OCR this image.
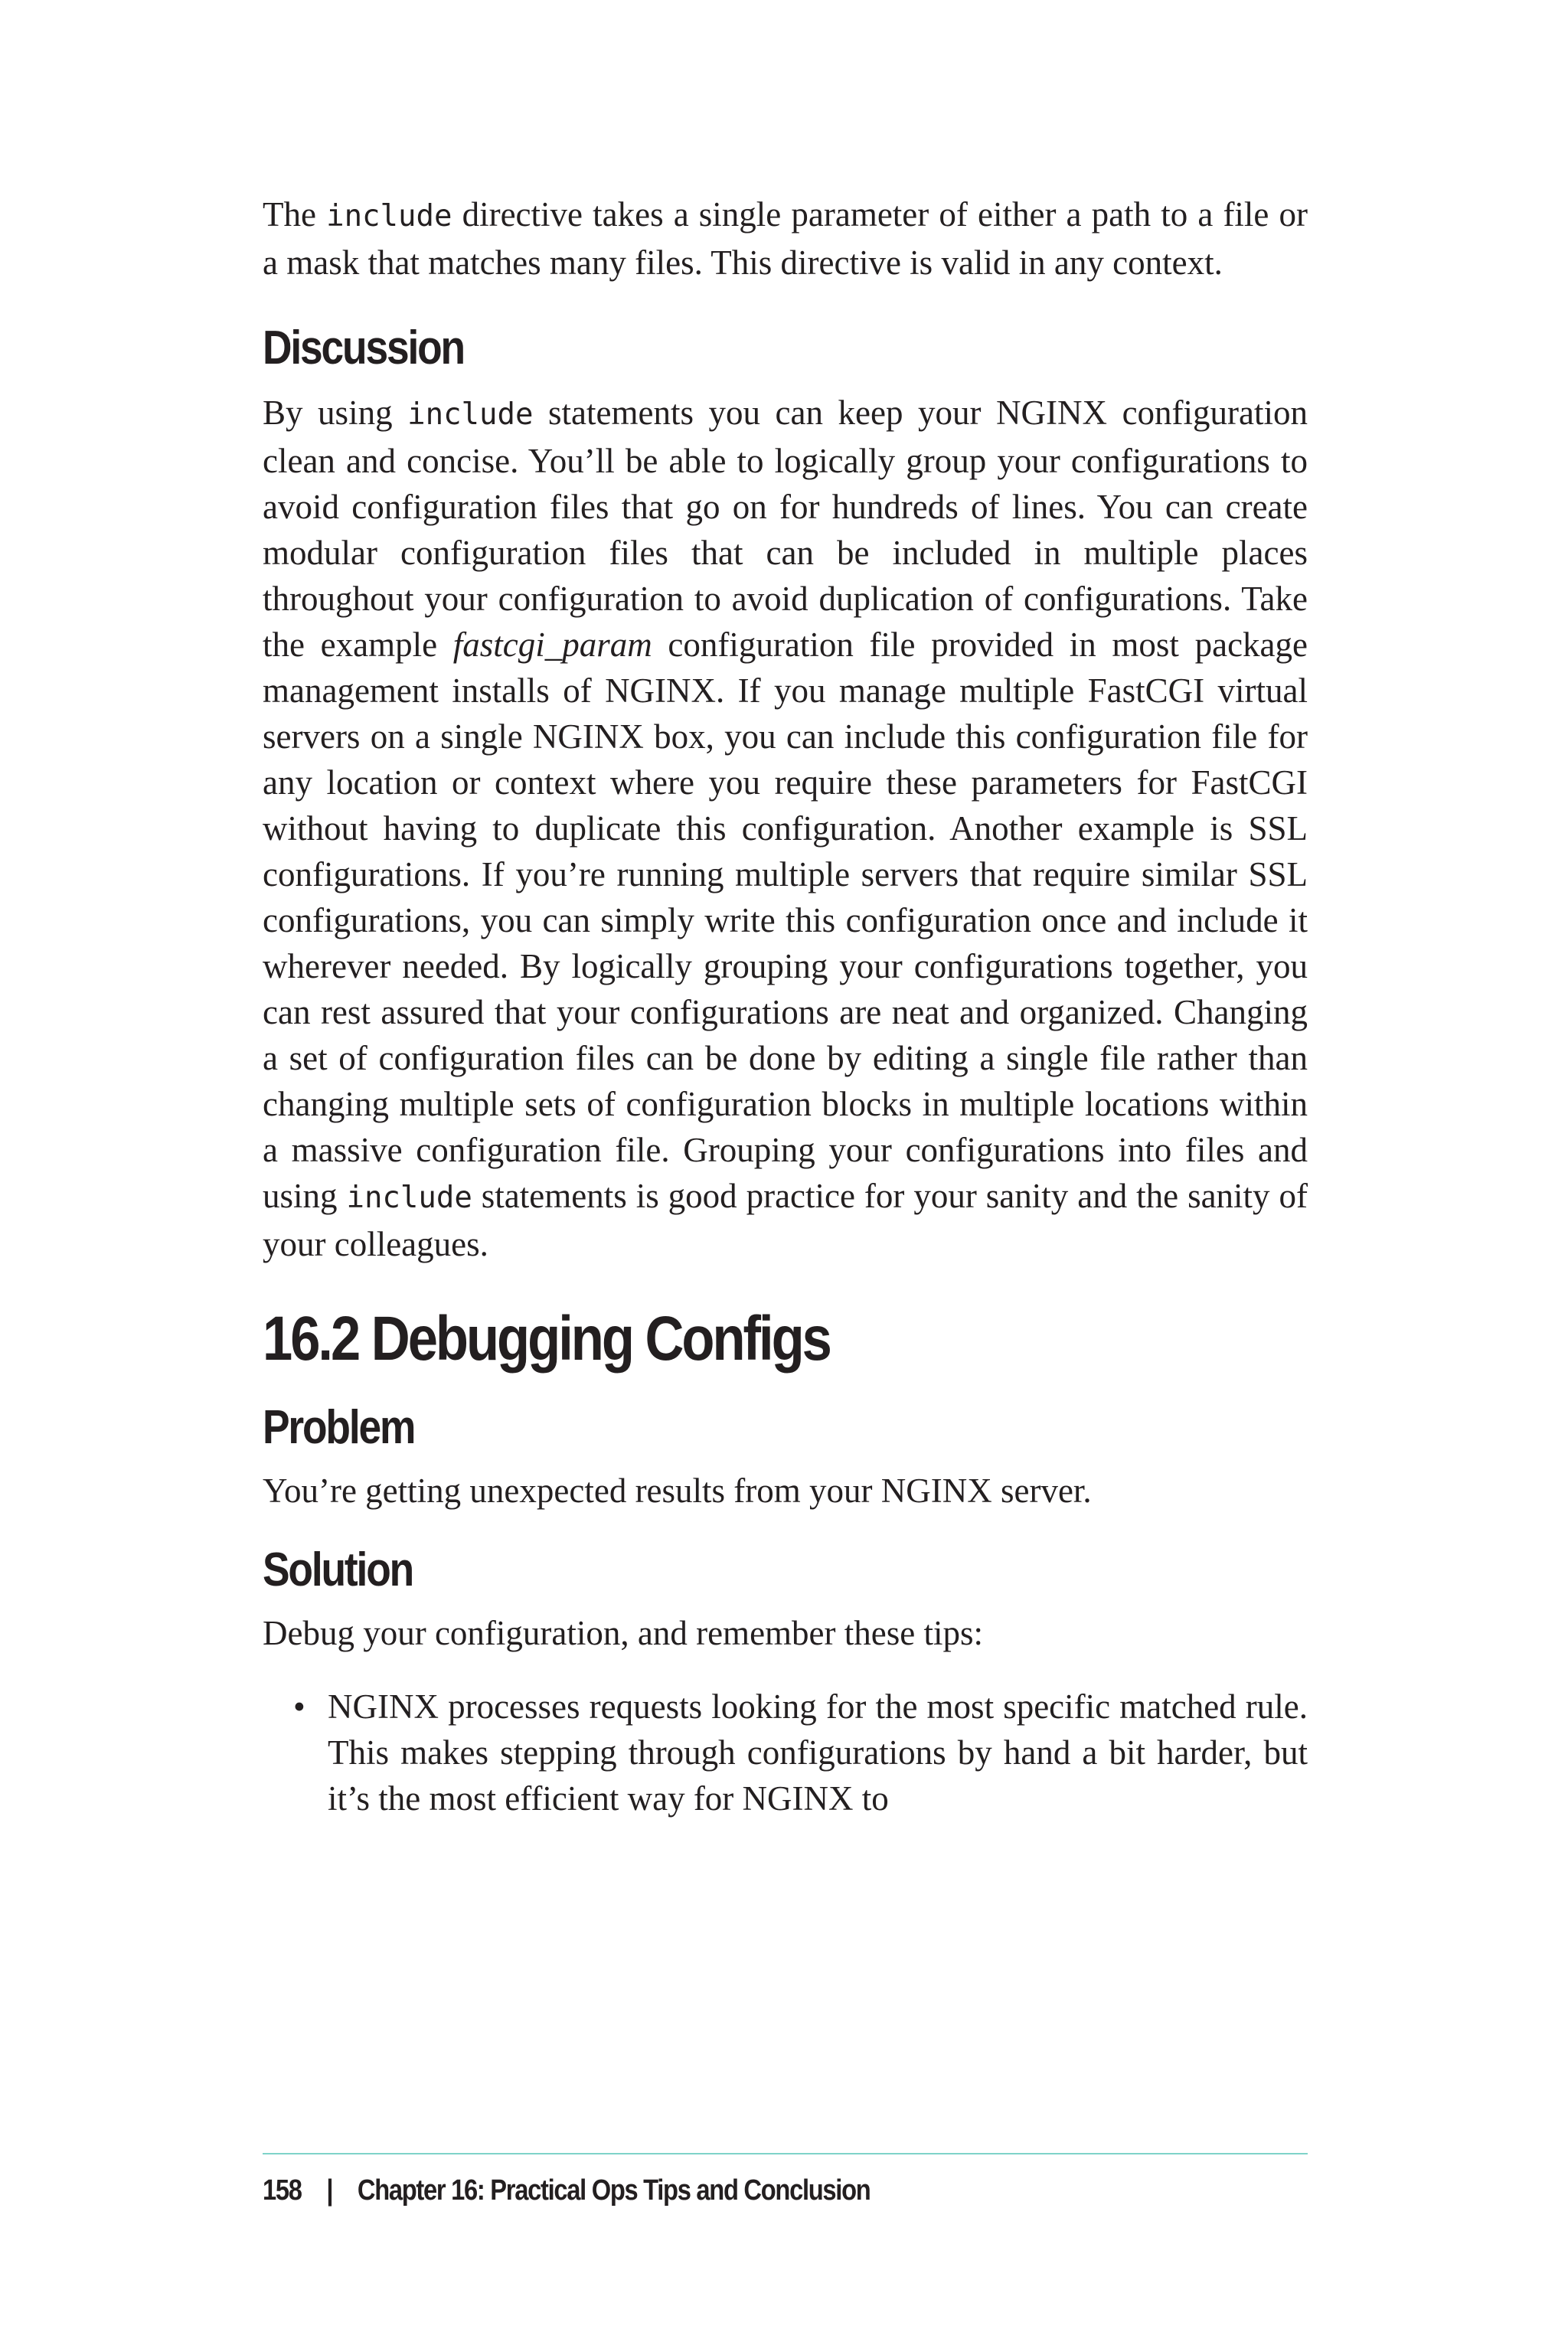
The include directive takes a single parameter of either a path to a file or a mask that matches many files. This directive is valid in any context.

Discussion

By using include statements you can keep your NGINX configuration clean and concise. You’ll be able to logically group your configurations to avoid configuration files that go on for hundreds of lines. You can create modular configuration files that can be included in multiple places throughout your configuration to avoid duplication of configurations. Take the example fastcgi_param configuration file provided in most package management installs of NGINX. If you manage multiple FastCGI virtual servers on a single NGINX box, you can include this configuration file for any location or context where you require these parameters for FastCGI without having to duplicate this configuration. Another example is SSL configurations. If you’re running multiple servers that require similar SSL configurations, you can simply write this configuration once and include it wherever needed. By logically grouping your configurations together, you can rest assured that your configurations are neat and organized. Changing a set of configuration files can be done by editing a single file rather than changing multiple sets of configuration blocks in multiple locations within a massive configuration file. Grouping your configurations into files and using include statements is good practice for your sanity and the sanity of your colleagues.

16.2 Debugging Configs
Problem

You’re getting unexpected results from your NGINX server.

Solution

Debug your configuration, and remember these tips:

• NGINX processes requests looking for the most specific matched rule. This makes stepping through configurations by hand a bit harder, but it’s the most efficient way for NGINX to

158 | Chapter 16: Practical Ops Tips and Conclusion
